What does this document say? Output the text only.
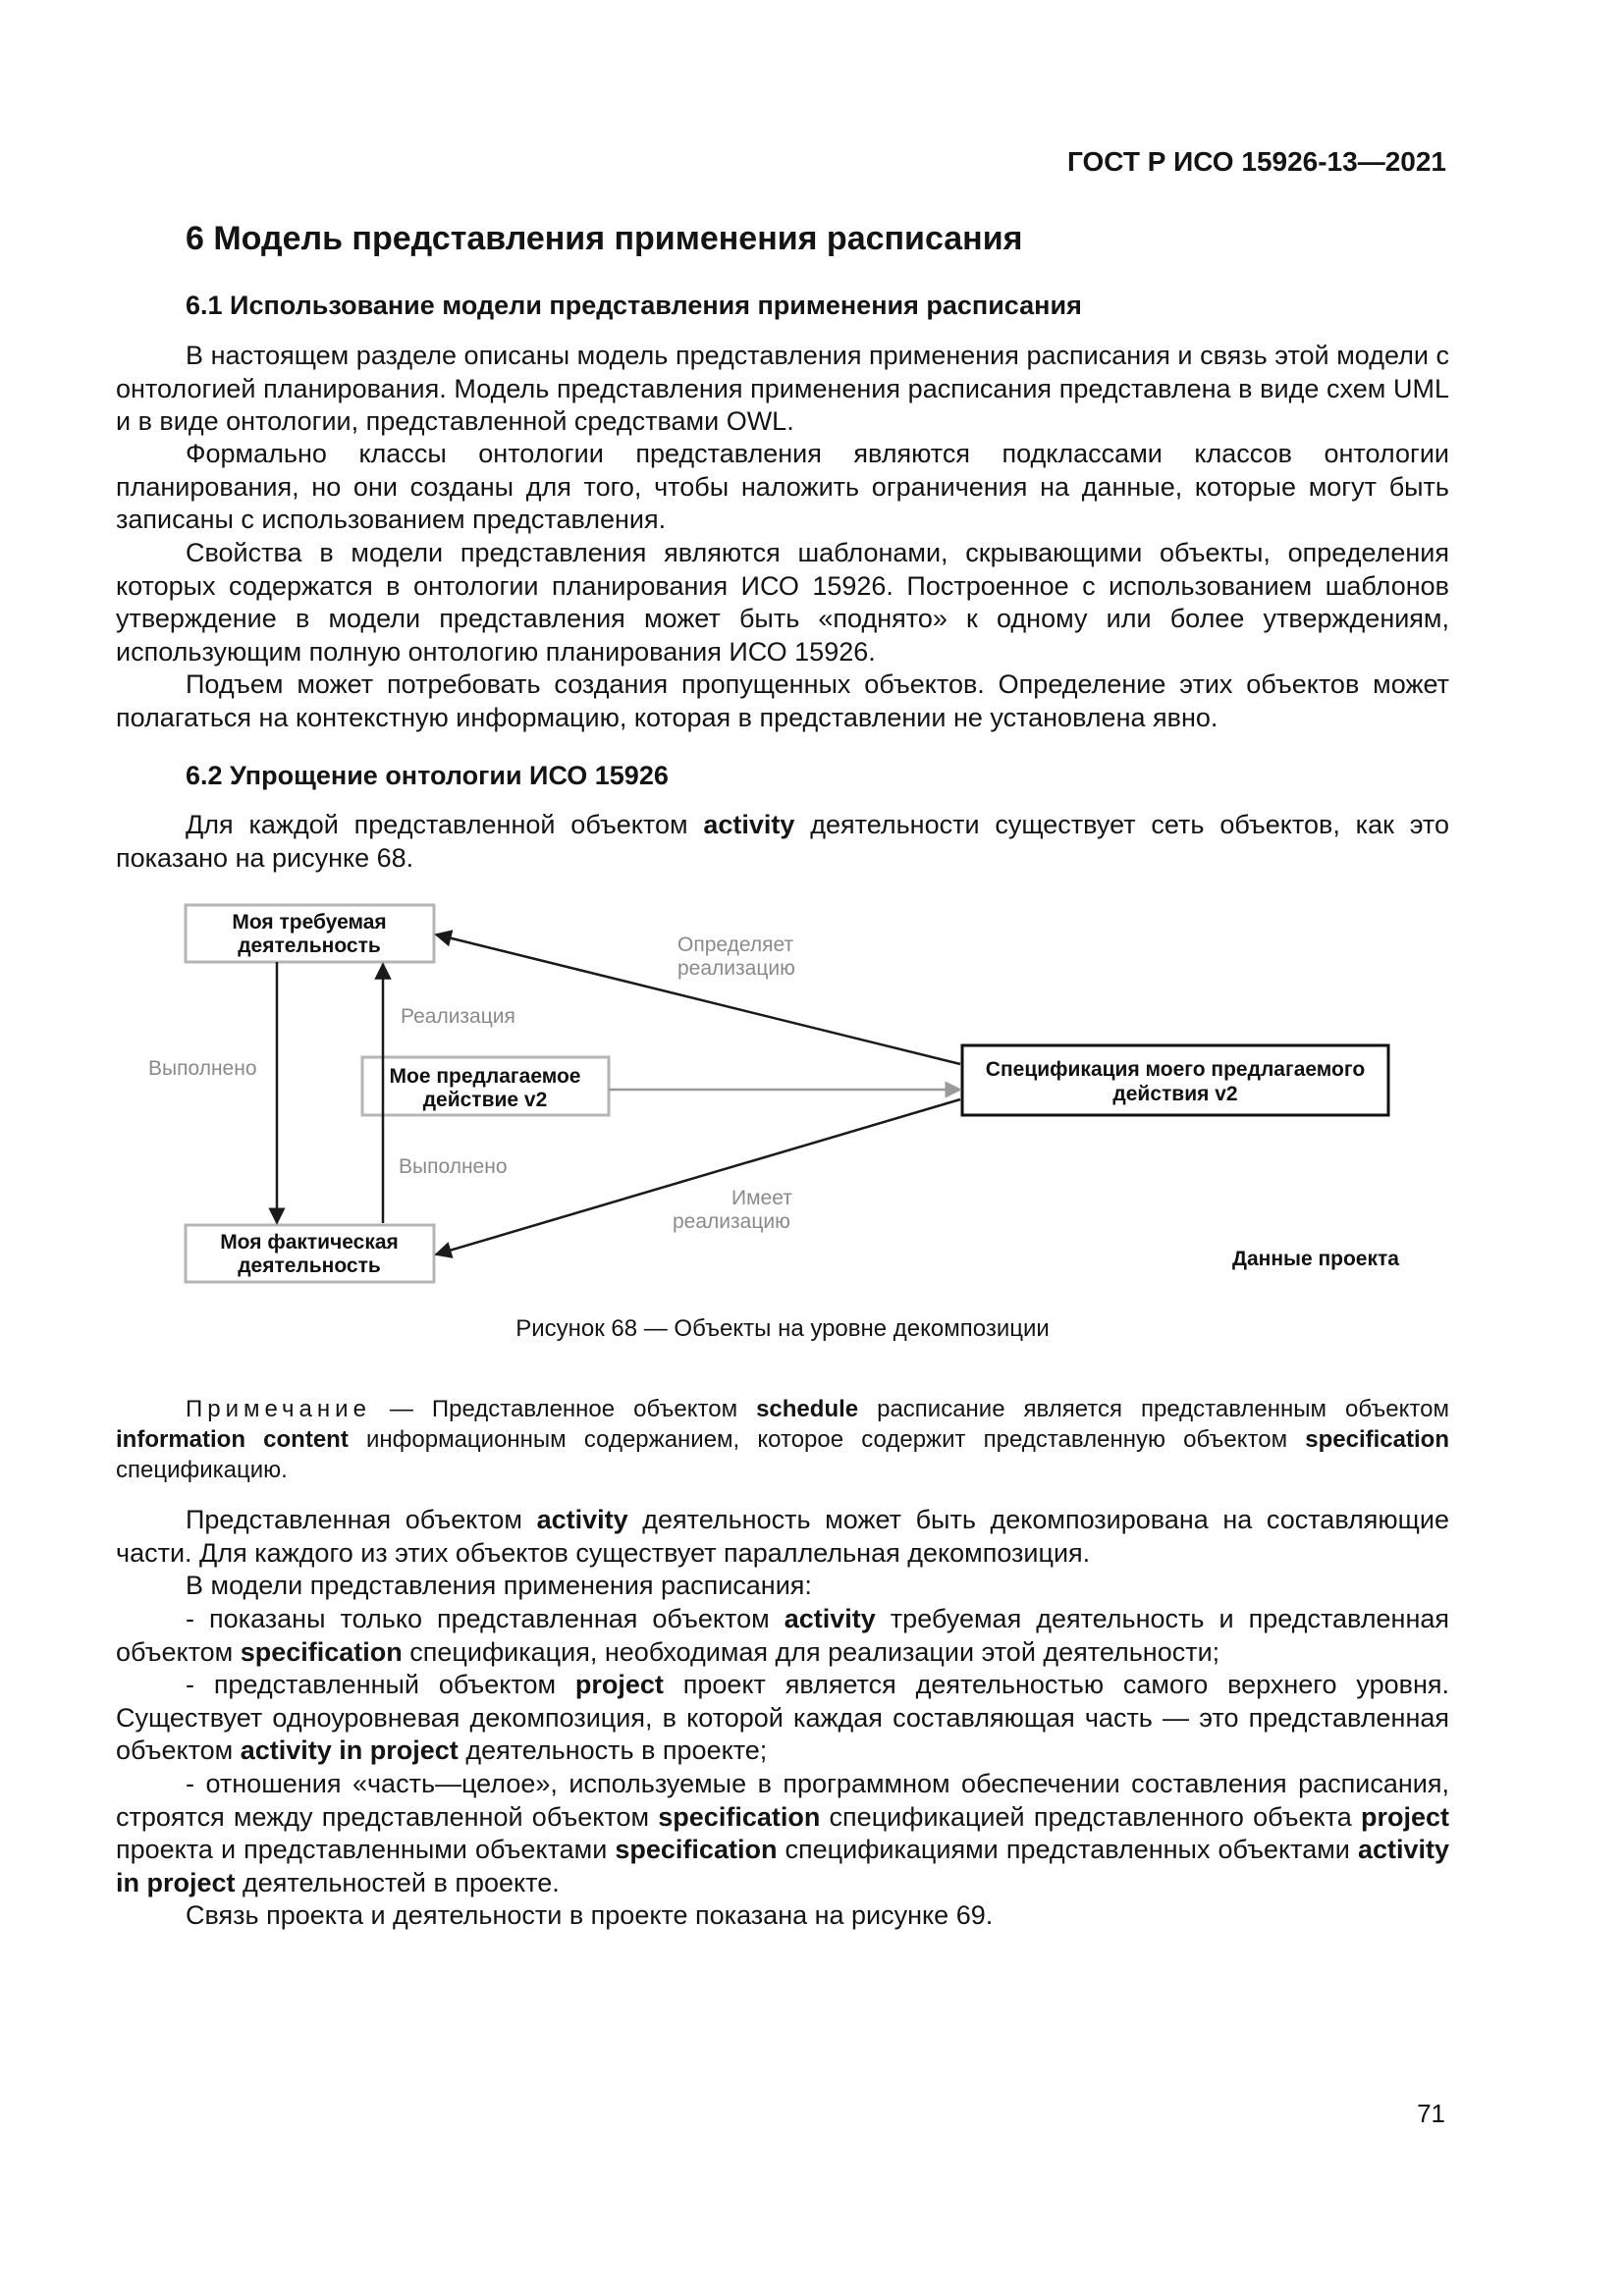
ГОСТ Р ИСО 15926-13—2021
6 Модель представления применения расписания
6.1 Использование модели представления применения расписания

В настоящем разделе описаны модель представления применения расписания и связь этой модели с онтологией планирования. Модель представления применения расписания представлена в виде схем UML и в виде онтологии, представленной средствами OWL.

Формально классы онтологии представления являются подклассами классов онтологии планирования, но они созданы для того, чтобы наложить ограничения на данные, которые могут быть записаны с использованием представления.

Свойства в модели представления являются шаблонами, скрывающими объекты, определения которых содержатся в онтологии планирования ИСО 15926. Построенное с использованием шаблонов утверждение в модели представления может быть «поднято» к одному или более утверждениям, использующим полную онтологию планирования ИСО 15926.

Подъем может потребовать создания пропущенных объектов. Определение этих объектов может полагаться на контекстную информацию, которая в представлении не установлена явно.

6.2 Упрощение онтологии ИСО 15926

Для каждой представленной объектом activity деятельности существует сеть объектов, как это показано на рисунке 68.

Моя требуемая
деятельность
Мое предлагаемое
действие v2
Моя фактическая
деятельность
Спецификация моего предлагаемого
действия v2
Определяет
реализацию
Реализация
Выполнено
Выполнено
Имеет
реализацию
Данные проекта
Рисунок 68 — Объекты на уровне декомпозиции

Примечание — Представленное объектом schedule расписание является представленным объектом information content информационным содержанием, которое содержит представленную объектом specification спецификацию.

Представленная объектом activity деятельность может быть декомпозирована на составляющие части. Для каждого из этих объектов существует параллельная декомпозиция.

В модели представления применения расписания:

- показаны только представленная объектом activity требуемая деятельность и представленная объектом specification спецификация, необходимая для реализации этой деятельности;

- представленный объектом project проект является деятельностью самого верхнего уровня. Существует одноуровневая декомпозиция, в которой каждая составляющая часть — это представленная объектом activity in project деятельность в проекте;

- отношения «часть—целое», используемые в программном обеспечении составления расписания, строятся между представленной объектом specification спецификацией представленного объекта project проекта и представленными объектами specification спецификациями представленных объектами activity in project деятельностей в проекте.

Связь проекта и деятельности в проекте показана на рисунке 69.

71
